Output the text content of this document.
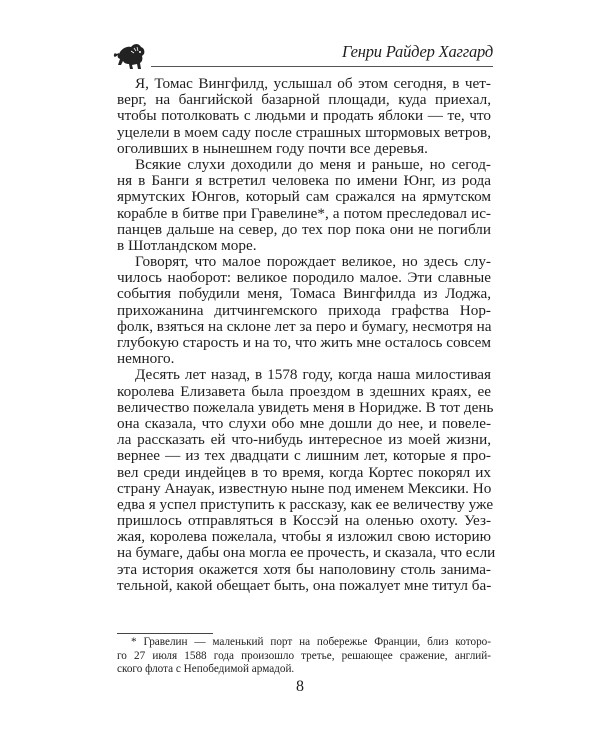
Генри Райдер Хаггард
Я, Томас Вингфилд, услышал об этом сегодня, в чет-
верг, на бангийской базарной площади, куда приехал,
чтобы потолковать с людьми и продать яблоки — те, что
уцелели в моем саду после страшных штормовых ветров,
оголивших в нынешнем году почти все деревья.
Всякие слухи доходили до меня и раньше, но сегод-
ня в Банги я встретил человека по имени Юнг, из рода
ярмутских Юнгов, который сам сражался на ярмутском
корабле в битве при Гравелине*, а потом преследовал ис-
панцев дальше на север, до тех пор пока они не погибли
в Шотландском море.
Говорят, что малое порождает великое, но здесь слу-
чилось наоборот: великое породило малое. Эти славные
события побудили меня, Томаса Вингфилда из Лоджа,
прихожанина дитчингемского прихода графства Нор-
фолк, взяться на склоне лет за перо и бумагу, несмотря на
глубокую старость и на то, что жить мне осталось совсем
немного.
Десять лет назад, в 1578 году, когда наша милостивая
королева Елизавета была проездом в здешних краях, ее
величество пожелала увидеть меня в Нoридже. В тот день
она сказала, что слухи обо мне дошли до нее, и повеле-
ла рассказать ей что-нибудь интересное из моей жизни,
вернее — из тех двадцати с лишним лет, которые я про-
вел среди индейцев в то время, когда Кортес покорял их
страну Анауак, известную ныне под именем Мексики. Но
едва я успел приступить к рассказу, как ее величеству уже
пришлось отправляться в Коссэй на оленью охоту. Уез-
жая, королева пожелала, чтобы я изложил свою историю
на бумаге, дабы она могла ее прочесть, и сказала, что если
эта история окажется хотя бы наполовину столь занима-
тельной, какой обещает быть, она пожалует мне титул ба-
* Гравелин — маленький порт на побережье Франции, близ которо-
го 27 июля 1588 года произошло третье, решающее сражение, англий-
ского флота с Непобедимой армадой.
8
